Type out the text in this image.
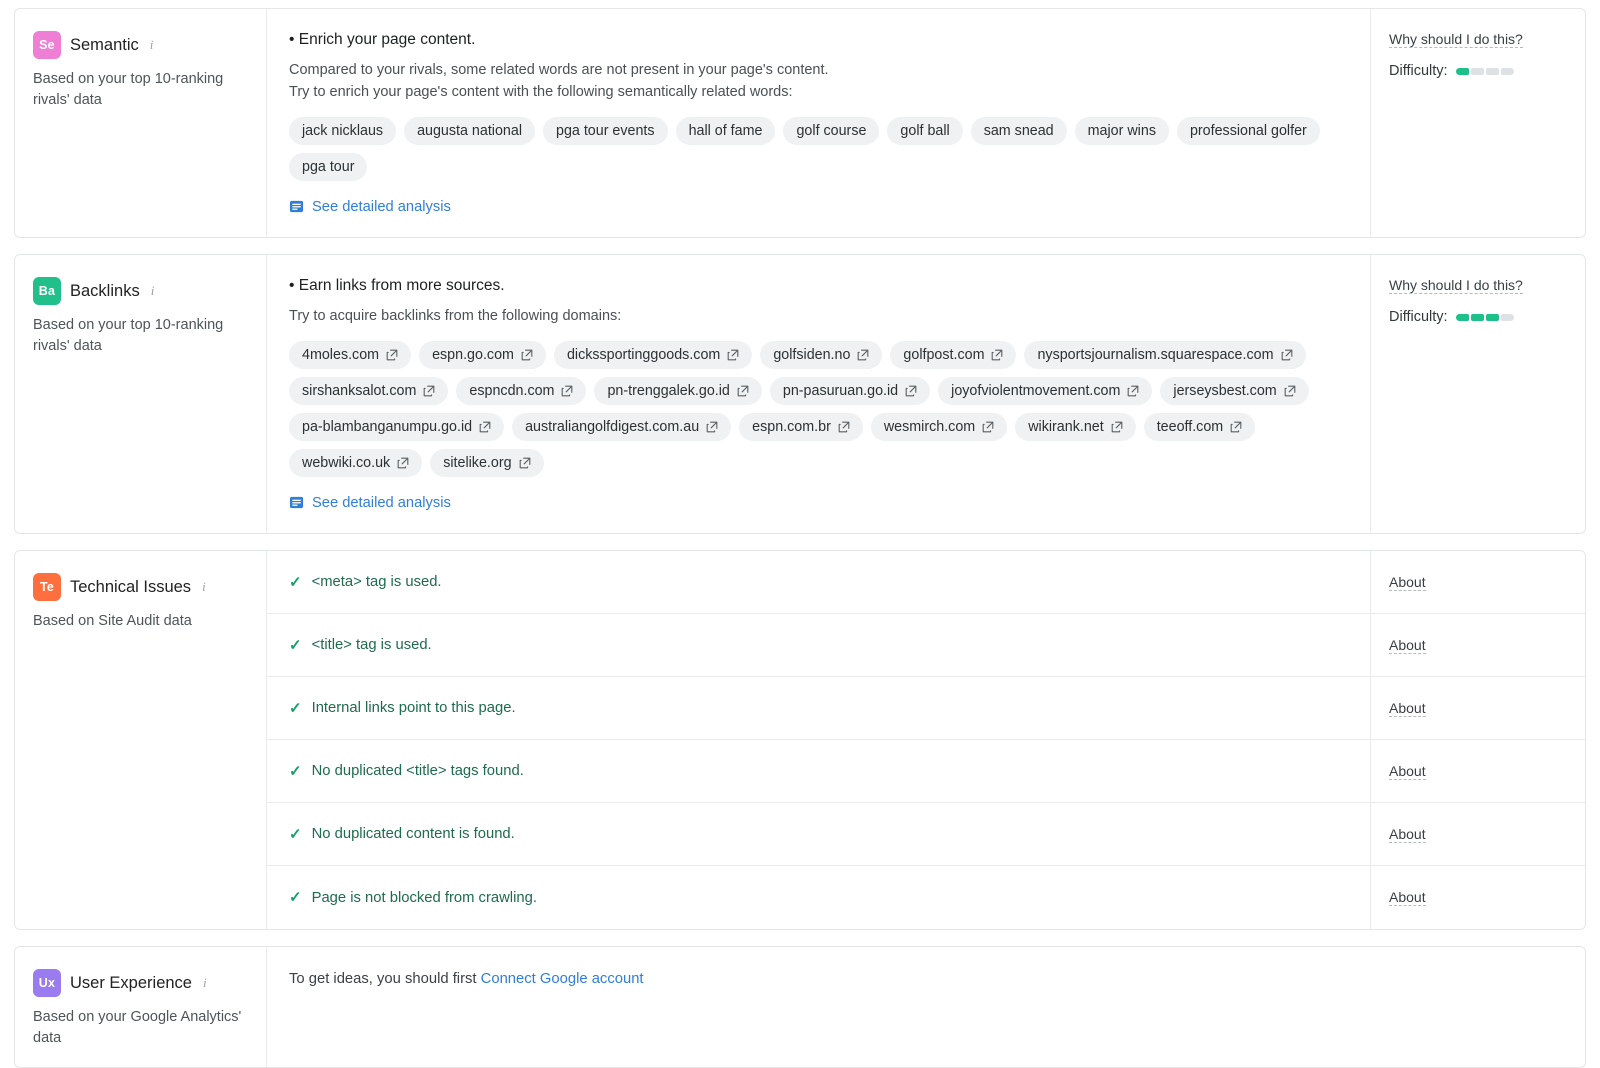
Se Semantic i
Based on your top 10-ranking rivals' data

• Enrich your page content.

Compared to your rivals, some related words are not present in your page's content.

Try to enrich your page's content with the following semantically related words:

jack nicklaus	augusta national	pga tour events	hall of fame	golf course	golf ball	sam snead	major wins	professional golfer
pga tour
See detailed analysis
Why should I do this?
Difficulty:
Ba Backlinks i
Based on your top 10-ranking rivals' data

• Earn links from more sources.

Try to acquire backlinks from the following domains:

4moles.com	espn.go.com	dickssportinggoods.com	golfsiden.no	golfpost.com	nysportsjournalism.squarespace.com
sirshanksalot.com	espncdn.com	pn-trenggalek.go.id	pn-pasuruan.go.id	joyofviolentmovement.com	jerseysbest.com
pa-blambanganumpu.go.id	australiangolfdigest.com.au	espn.com.br	wesmirch.com	wikirank.net	teeoff.com
webwiki.co.uk	sitelike.org
See detailed analysis
Why should I do this?
Difficulty:
Te Technical Issues i
Based on Site Audit data
✓ <meta> tag is used.	About
✓ <title> tag is used.	About
✓ Internal links point to this page.	About
✓ No duplicated <title> tags found.	About
✓ No duplicated content is found.	About
✓ Page is not blocked from crawling.	About
Ux User Experience i
Based on your Google Analytics' data
To get ideas, you should first Connect Google account
